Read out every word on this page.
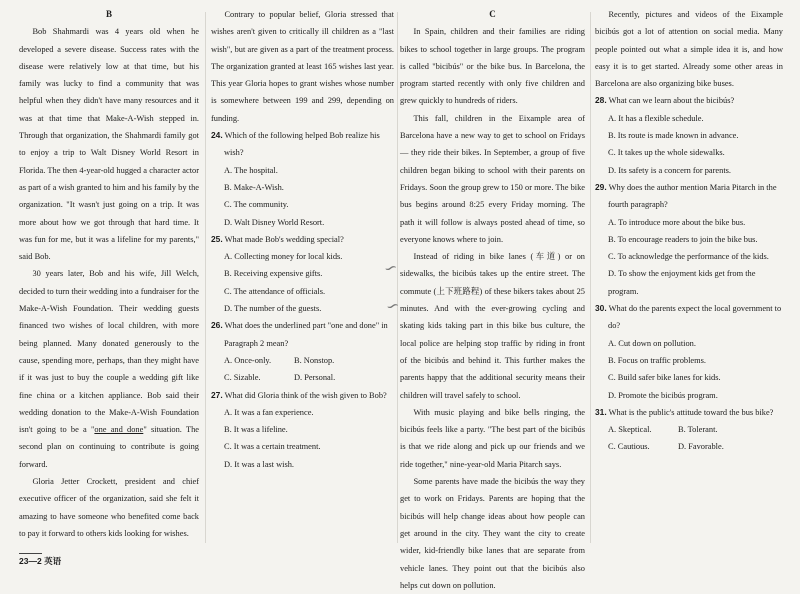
B

Bob Shahmardi was 4 years old when he developed a severe disease. Success rates with the disease were relatively low at that time, but his family was lucky to find a community that was helpful when they didn't have many resources and it was at that time that Make-A-Wish stepped in. Through that organization, the Shahmardi family got to enjoy a trip to Walt Disney World Resort in Florida. The then 4-year-old hugged a character actor as part of a wish granted to him and his family by the organization. "It wasn't just going on a trip. It was more about how we got through that hard time. It was fun for me, but it was a lifeline for my parents," said Bob.

30 years later, Bob and his wife, Jill Welch, decided to turn their wedding into a fundraiser for the Make-A-Wish Foundation. Their wedding guests financed two wishes of local children, with more being planned. Many donated generously to the cause, spending more, perhaps, than they might have if it was just to buy the couple a wedding gift like fine china or a kitchen appliance. Bob said their wedding donation to the Make-A-Wish Foundation isn't going to be a "one and done" situation. The second plan on continuing to contribute is going forward.

Gloria Jetter Crockett, president and chief executive officer of the organization, said she felt it amazing to have someone who benefited come back to pay it forward to others kids looking for wishes.

Contrary to popular belief, Gloria stressed that wishes aren't given to critically ill children as a "last wish", but are given as a part of the treatment process. The organization granted at least 165 wishes last year. This year Gloria hopes to grant wishes whose number is somewhere between 199 and 299, depending on funding.

24. Which of the following helped Bob realize his wish?
A. The hospital.
B. Make-A-Wish.
C. The community.
D. Walt Disney World Resort.
25. What made Bob's wedding special?
A. Collecting money for local kids.
B. Receiving expensive gifts.
C. The attendance of officials.
D. The number of the guests.
26. What does the underlined part "one and done" in Paragraph 2 mean?
A. Once-only.	B. Nonstop.
C. Sizable.	D. Personal.
27. What did Gloria think of the wish given to Bob?
A. It was a fan experience.
B. It was a lifeline.
C. It was a certain treatment.
D. It was a last wish.
C

In Spain, children and their families are riding bikes to school together in large groups. The program is called "bicibús" or the bike bus. In Barcelona, the program started recently with only five children and grew quickly to hundreds of riders.

This fall, children in the Eixample area of Barcelona have a new way to get to school on Fridays — they ride their bikes. In September, a group of five children began biking to school with their parents on Fridays. Soon the group grew to 150 or more. The bike bus begins around 8:25 every Friday morning. The path it will follow is always posted ahead of time, so everyone knows where to join.

Instead of riding in bike lanes (车道) or on sidewalks, the bicibús takes up the entire street. The commute (上下班路程) of these bikers takes about 25 minutes. And with the ever-growing cycling and skating kids taking part in this bike bus culture, the local police are helping stop traffic by riding in front of the bicibús and behind it. This further makes the parents happy that the additional security means their children will travel safely to school.

With music playing and bike bells ringing, the bicibús feels like a party. "The best part of the bicibús is that we ride along and pick up our friends and we ride together," nine-year-old Maria Pitarch says.

Some parents have made the bicibús the way they get to work on Fridays. Parents are hoping that the bicibús will help change ideas about how people can get around in the city. They want the city to create wider, kid-friendly bike lanes that are separate from vehicle lanes. They point out that the bicibús also helps cut down on pollution.

Recently, pictures and videos of the Eixample bicibús got a lot of attention on social media. Many people pointed out what a simple idea it is, and how easy it is to get started. Already some other areas in Barcelona are also organizing bike buses.

28. What can we learn about the bicibús?
A. It has a flexible schedule.
B. Its route is made known in advance.
C. It takes up the whole sidewalks.
D. Its safety is a concern for parents.
29. Why does the author mention Maria Pitarch in the fourth paragraph?
A. To introduce more about the bike bus.
B. To encourage readers to join the bike bus.
C. To acknowledge the performance of the kids.
D. To show the enjoyment kids get from the program.
30. What do the parents expect the local government to do?
A. Cut down on pollution.
B. Focus on traffic problems.
C. Build safer bike lanes for kids.
D. Promote the bicibús program.
31. What is the public's attitude toward the bus bike?
A. Skeptical.	B. Tolerant.
C. Cautious.	D. Favorable.
∽
∽
23—2 英语
